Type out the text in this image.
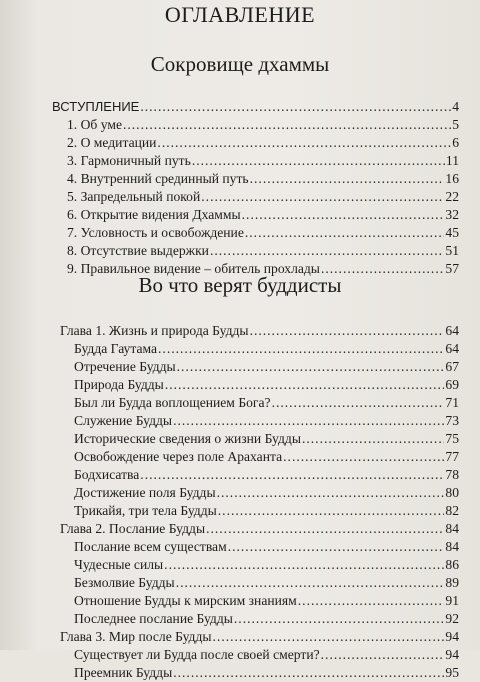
ОГЛАВЛЕНИЕ
Сокровище дхаммы
ВСТУПЛЕНИЕ .....	4
1. Об уме .....	5
2. О медитации .....	6
3. Гармоничный путь .....	11
4. Внутренний срединный путь .....	16
5. Запредельный покой .....	22
6. Открытие видения Дхаммы .....	32
7. Условность и освобождение .....	45
8. Отсутствие выдержки .....	51
9. Правильное видение – обитель прохлады .....	57
Во что верят буддисты
Глава 1. Жизнь и природа Будды .....	64
Будда Гаутама .....	64
Отречение Будды .....	67
Природа Будды .....	69
Был ли Будда воплощением Бога? .....	71
Служение Будды .....	73
Исторические сведения о жизни Будды .....	75
Освобождение через поле Араханта .....	77
Бодхисатва .....	78
Достижение поля Будды .....	80
Трикайя, три тела Будды .....	82
Глава 2. Послание Будды .....	84
Послание всем существам .....	84
Чудесные силы .....	86
Безмолвие Будды .....	89
Отношение Будды к мирским знаниям .....	91
Последнее послание Будды .....	92
Глава 3. Мир после Будды .....	94
Существует ли Будда после своей смерти? .....	94
Преемник Будды .....	95
